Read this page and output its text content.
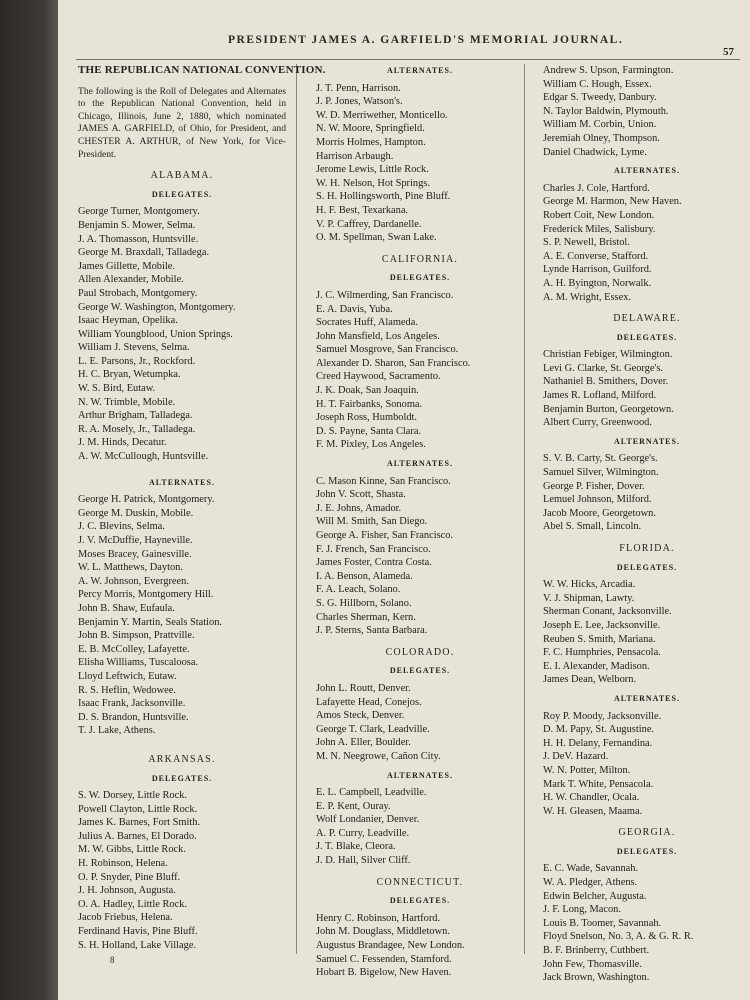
PRESIDENT JAMES A. GARFIELD'S MEMORIAL JOURNAL.
57
THE REPUBLICAN NATIONAL CONVENTION.
The following is the Roll of Delegates and Alternates to the Republican National Convention, held in Chicago, Illinois, June 2, 1880, which nominated JAMES A. GARFIELD, of Ohio, for President, and CHESTER A. ARTHUR, of New York, for Vice-President.
ALABAMA.
DELEGATES.
George Turner, Montgomery.
Benjamin S. Mower, Selma.
J. A. Thomasson, Huntsville.
George M. Braxdall, Talladega.
James Gillette, Mobile.
Allen Alexander, Mobile.
Paul Strobach, Montgomery.
George W. Washington, Montgomery.
Isaac Heyman, Opelika.
William Youngblood, Union Springs.
William J. Stevens, Selma.
L. E. Parsons, Jr., Rockford.
H. C. Bryan, Wetumpka.
W. S. Bird, Eutaw.
N. W. Trimble, Mobile.
Arthur Brigham, Talladega.
R. A. Mosely, Jr., Talladega.
J. M. Hinds, Decatur.
A. W. McCullough, Huntsville.
ALTERNATES.
George H. Patrick, Montgomery.
George M. Duskin, Mobile.
J. C. Blevins, Selma.
J. V. McDuffie, Hayneville.
Moses Bracey, Gainesville.
W. L. Matthews, Dayton.
A. W. Johnson, Evergreen.
Percy Morris, Montgomery Hill.
John B. Shaw, Eufaula.
Benjamin Y. Martin, Seals Station.
John B. Simpson, Prattville.
E. B. McColley, Lafayette.
Elisha Williams, Tuscaloosa.
Lloyd Leftwich, Eutaw.
R. S. Heflin, Wedowee.
Isaac Frank, Jacksonville.
D. S. Brandon, Huntsville.
T. J. Lake, Athens.
ARKANSAS.
DELEGATES.
S. W. Dorsey, Little Rock.
Powell Clayton, Little Rock.
James K. Barnes, Fort Smith.
Julius A. Barnes, El Dorado.
M. W. Gibbs, Little Rock.
H. Robinson, Helena.
O. P. Snyder, Pine Bluff.
J. H. Johnson, Augusta.
O. A. Hadley, Little Rock.
Jacob Friebus, Helena.
Ferdinand Havis, Pine Bluff.
S. H. Holland, Lake Village.
ALTERNATES.
J. T. Penn, Harrison.
J. P. Jones, Watson's.
W. D. Merriwether, Monticello.
N. W. Moore, Springfield.
Morris Holmes, Hampton.
Harrison Arbaugh.
Jerome Lewis, Little Rock.
W. H. Nelson, Hot Springs.
S. H. Hollingsworth, Pine Bluff.
H. F. Best, Texarkana.
V. P. Caffrey, Dardanelle.
O. M. Spellman, Swan Lake.
CALIFORNIA.
DELEGATES.
J. C. Wilmerding, San Francisco.
E. A. Davis, Yuba.
Socrates Huff, Alameda.
John Mansfield, Los Angeles.
Samuel Mosgrove, San Francisco.
Alexander D. Sharon, San Francisco.
Creed Haywood, Sacramento.
J. K. Doak, San Joaquin.
H. T. Fairbanks, Sonoma.
Joseph Ross, Humboldt.
D. S. Payne, Santa Clara.
F. M. Pixley, Los Angeles.
ALTERNATES.
C. Mason Kinne, San Francisco.
John V. Scott, Shasta.
J. E. Johns, Amador.
Will M. Smith, San Diego.
George A. Fisher, San Francisco.
F. J. French, San Francisco.
James Foster, Contra Costa.
I. A. Benson, Alameda.
F. A. Leach, Solano.
S. G. Hillborn, Solano.
Charles Sherman, Kern.
J. P. Sterns, Santa Barbara.
COLORADO.
DELEGATES.
John L. Routt, Denver.
Lafayette Head, Conejos.
Amos Steck, Denver.
George T. Clark, Leadville.
John A. Eller, Boulder.
M. N. Neegrowe, Cañon City.
ALTERNATES.
E. L. Campbell, Leadville.
E. P. Kent, Ouray.
Wolf Londanier, Denver.
A. P. Curry, Leadville.
J. T. Blake, Cleora.
J. D. Hall, Silver Cliff.
CONNECTICUT.
DELEGATES.
Henry C. Robinson, Hartford.
John M. Douglass, Middletown.
Augustus Brandagee, New London.
Samuel C. Fessenden, Stamford.
Hobart B. Bigelow, New Haven.
Andrew S. Upson, Farmington.
William C. Hough, Essex.
Edgar S. Tweedy, Danbury.
N. Taylor Baldwin, Plymouth.
William M. Corbin, Union.
Jeremiah Olney, Thompson.
Daniel Chadwick, Lyme.
ALTERNATES.
Charles J. Cole, Hartford.
George M. Harmon, New Haven.
Robert Coit, New London.
Frederick Miles, Salisbury.
S. P. Newell, Bristol.
A. E. Converse, Stafford.
Lynde Harrison, Guilford.
A. H. Byington, Norwalk.
A. M. Wright, Essex.
DELAWARE.
DELEGATES.
Christian Febiger, Wilmington.
Levi G. Clarke, St. George's.
Nathaniel B. Smithers, Dover.
James R. Lofland, Milford.
Benjamin Burton, Georgetown.
Albert Curry, Greenwood.
ALTERNATES.
S. V. B. Carty, St. George's.
Samuel Silver, Wilmington.
George P. Fisher, Dover.
Lemuel Johnson, Milford.
Jacob Moore, Georgetown.
Abel S. Small, Lincoln.
FLORIDA.
DELEGATES.
W. W. Hicks, Arcadia.
V. J. Shipman, Lawty.
Sherman Conant, Jacksonville.
Joseph E. Lee, Jacksonville.
Reuben S. Smith, Mariana.
F. C. Humphries, Pensacola.
E. I. Alexander, Madison.
James Dean, Welborn.
ALTERNATES.
Roy P. Moody, Jacksonville.
D. M. Papy, St. Augustine.
H. H. Delany, Fernandina.
J. DeV. Hazard.
W. N. Potter, Milton.
Mark T. White, Pensacola.
H. W. Chandler, Ocala.
W. H. Gleasen, Maama.
GEORGIA.
DELEGATES.
E. C. Wade, Savannah.
W. A. Pledger, Athens.
Edwin Belcher, Augusta.
J. F. Long, Macon.
Louis B. Toomer, Savannah.
Floyd Snelson, No. 3, A. & G. R. R.
B. F. Brinberry, Cuthbert.
John Few, Thomasville.
Jack Brown, Washington.
8
